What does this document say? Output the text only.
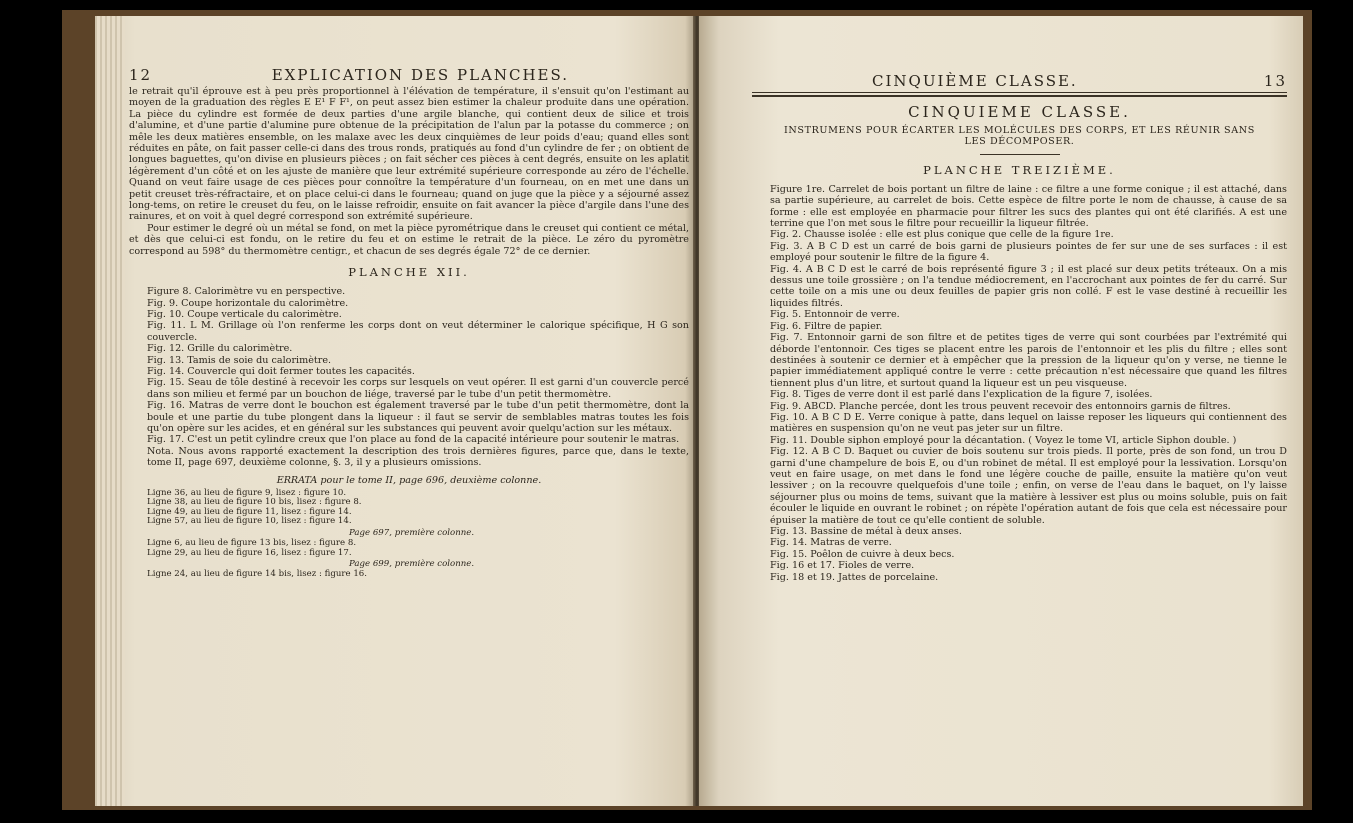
12	EXPLICATION DES PLANCHES.

le retrait qu'il éprouve est à peu près proportionnel à l'élévation de température, il s'ensuit qu'on l'estimant au moyen de la graduation des règles E E¹ F F¹, on peut assez bien estimer la chaleur produite dans une opération. La pièce du cylindre est formée de deux parties d'une argile blanche, qui contient deux de silice et trois d'alumine, et d'une partie d'alumine pure obtenue de la précipitation de l'alun par la potasse du commerce ; on mêle les deux matières ensemble, on les malaxe avec les deux cinquièmes de leur poids d'eau; quand elles sont réduites en pâte, on fait passer celle-ci dans des trous ronds, pratiqués au fond d'un cylindre de fer ; on obtient de longues baguettes, qu'on divise en plusieurs pièces ; on fait sécher ces pièces à cent degrés, ensuite on les aplatit légèrement d'un côté et on les ajuste de manière que leur extrémité supérieure corresponde au zéro de l'échelle. Quand on veut faire usage de ces pièces pour connoître la température d'un fourneau, on en met une dans un petit creuset très-réfractaire, et on place celui-ci dans le fourneau; quand on juge que la pièce y a séjourné assez long-tems, on retire le creuset du feu, on le laisse refroidir, ensuite on fait avancer la pièce d'argile dans l'une des rainures, et on voit à quel degré correspond son extrémité supérieure.

Pour estimer le degré où un métal se fond, on met la pièce pyrométrique dans le creuset qui contient ce métal, et dès que celui-ci est fondu, on le retire du feu et on estime le retrait de la pièce. Le zéro du pyromètre correspond au 598° du thermomètre centigr., et chacun de ses degrés égale 72° de ce dernier.

PLANCHE XII.

Figure 8. Calorimètre vu en perspective.

Fig. 9. Coupe horizontale du calorimètre.

Fig. 10. Coupe verticale du calorimètre.

Fig. 11. L M. Grillage où l'on renferme les corps dont on veut déterminer le calorique spécifique, H G son couvercle.

Fig. 12. Grille du calorimètre.

Fig. 13. Tamis de soie du calorimètre.

Fig. 14. Couvercle qui doit fermer toutes les capacités.

Fig. 15. Seau de tôle destiné à recevoir les corps sur lesquels on veut opérer. Il est garni d'un couvercle percé dans son milieu et fermé par un bouchon de liége, traversé par le tube d'un petit thermomètre.

Fig. 16. Matras de verre dont le bouchon est également traversé par le tube d'un petit thermomètre, dont la boule et une partie du tube plongent dans la liqueur : il faut se servir de semblables matras toutes les fois qu'on opère sur les acides, et en général sur les substances qui peuvent avoir quelqu'action sur les métaux.

Fig. 17. C'est un petit cylindre creux que l'on place au fond de la capacité intérieure pour soutenir le matras.

Nota. Nous avons rapporté exactement la description des trois dernières figures, parce que, dans le texte, tome II, page 697, deuxième colonne, §. 3, il y a plusieurs omissions.

ERRATA pour le tome II, page 696, deuxième colonne.

Ligne 36, au lieu de figure 9, lisez : figure 10.

Ligne 38, au lieu de figure 10 bis, lisez : figure 8.

Ligne 49, au lieu de figure 11, lisez : figure 14.

Ligne 57, au lieu de figure 10, lisez : figure 14.

Page 697, première colonne.

Ligne 6, au lieu de figure 13 bis, lisez : figure 8.

Ligne 29, au lieu de figure 16, lisez : figure 17.

Page 699, première colonne.

Ligne 24, au lieu de figure 14 bis, lisez : figure 16.

CINQUIÈME CLASSE.	13
CINQUIEME CLASSE.
INSTRUMENS POUR ÉCARTER LES MOLÉCULES DES CORPS, ET LES RÉUNIR SANS LES DÉCOMPOSER.
PLANCHE TREIZIÈME.

Figure 1re. Carrelet de bois portant un filtre de laine : ce filtre a une forme conique ; il est attaché, dans sa partie supérieure, au carrelet de bois. Cette espèce de filtre porte le nom de chausse, à cause de sa forme : elle est employée en pharmacie pour filtrer les sucs des plantes qui ont été clarifiés. A est une terrine que l'on met sous le filtre pour recueillir la liqueur filtrée.

Fig. 2. Chausse isolée : elle est plus conique que celle de la figure 1re.

Fig. 3. A B C D est un carré de bois garni de plusieurs pointes de fer sur une de ses surfaces : il est employé pour soutenir le filtre de la figure 4.

Fig. 4. A B C D est le carré de bois représenté figure 3 ; il est placé sur deux petits tréteaux. On a mis dessus une toile grossière ; on l'a tendue médiocrement, en l'accrochant aux pointes de fer du carré. Sur cette toile on a mis une ou deux feuilles de papier gris non collé. F est le vase destiné à recueillir les liquides filtrés.

Fig. 5. Entonnoir de verre.

Fig. 6. Filtre de papier.

Fig. 7. Entonnoir garni de son filtre et de petites tiges de verre qui sont courbées par l'extrémité qui déborde l'entonnoir. Ces tiges se placent entre les parois de l'entonnoir et les plis du filtre ; elles sont destinées à soutenir ce dernier et à empêcher que la pression de la liqueur qu'on y verse, ne tienne le papier immédiatement appliqué contre le verre : cette précaution n'est nécessaire que quand les filtres tiennent plus d'un litre, et surtout quand la liqueur est un peu visqueuse.

Fig. 8. Tiges de verre dont il est parlé dans l'explication de la figure 7, isolées.

Fig. 9. ABCD. Planche percée, dont les trous peuvent recevoir des entonnoirs garnis de filtres.

Fig. 10. A B C D E. Verre conique à patte, dans lequel on laisse reposer les liqueurs qui contiennent des matières en suspension qu'on ne veut pas jeter sur un filtre.

Fig. 11. Double siphon employé pour la décantation. ( Voyez le tome VI, article Siphon double. )

Fig. 12. A B C D. Baquet ou cuvier de bois soutenu sur trois pieds. Il porte, près de son fond, un trou D garni d'une champelure de bois E, ou d'un robinet de métal. Il est employé pour la lessivation. Lorsqu'on veut en faire usage, on met dans le fond une légère couche de paille, ensuite la matière qu'on veut lessiver ; on la recouvre quelquefois d'une toile ; enfin, on verse de l'eau dans le baquet, on l'y laisse séjourner plus ou moins de tems, suivant que la matière à lessiver est plus ou moins soluble, puis on fait écouler le liquide en ouvrant le robinet ; on répète l'opération autant de fois que cela est nécessaire pour épuiser la matière de tout ce qu'elle contient de soluble.

Fig. 13. Bassine de métal à deux anses.

Fig. 14. Matras de verre.

Fig. 15. Poêlon de cuivre à deux becs.

Fig. 16 et 17. Fioles de verre.

Fig. 18 et 19. Jattes de porcelaine.
